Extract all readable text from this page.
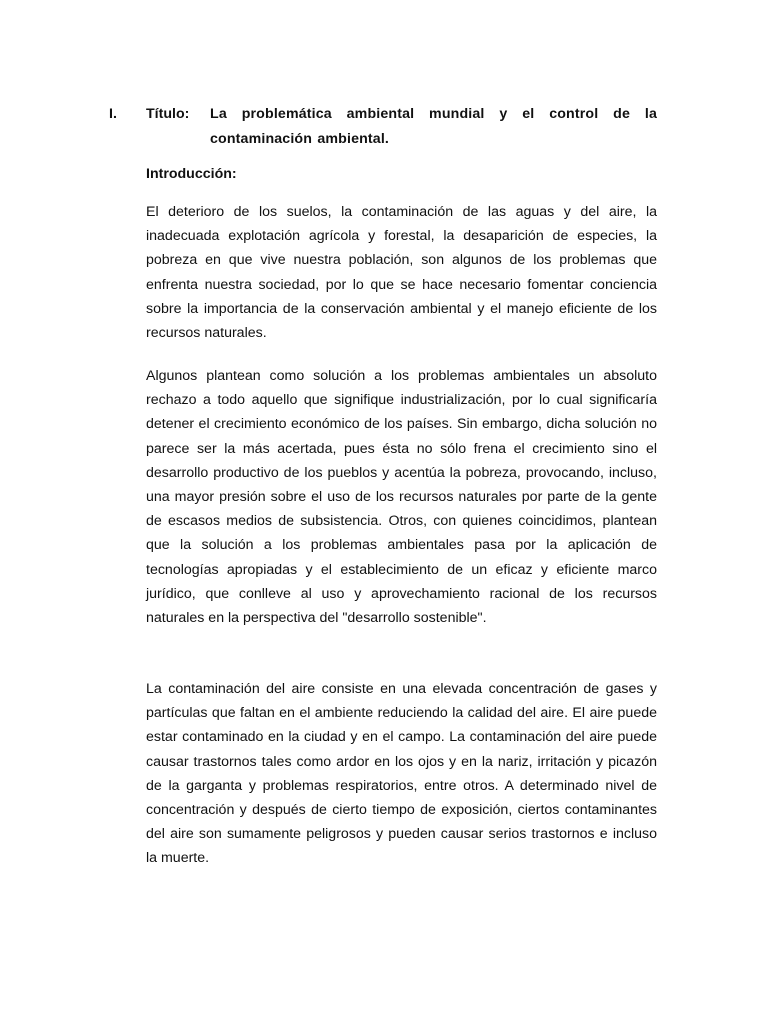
I. Título: La problemática ambiental mundial y el control de la contaminación ambiental.
Introducción:

El deterioro de los suelos, la contaminación de las aguas y del aire, la inadecuada explotación agrícola y forestal, la desaparición de especies, la pobreza en que vive nuestra población, son algunos de los problemas que enfrenta nuestra sociedad, por lo que se hace necesario fomentar conciencia sobre la importancia de la conservación ambiental y el manejo eficiente de los recursos naturales.

Algunos plantean como solución a los problemas ambientales un absoluto rechazo a todo aquello que signifique industrialización, por lo cual significaría detener el crecimiento económico de los países. Sin embargo, dicha solución no parece ser la más acertada, pues ésta no sólo frena el crecimiento sino el desarrollo productivo de los pueblos y acentúa la pobreza, provocando, incluso, una mayor presión sobre el uso de los recursos naturales por parte de la gente de escasos medios de subsistencia. Otros, con quienes coincidimos, plantean que la solución a los problemas ambientales pasa por la aplicación de tecnologías apropiadas y el establecimiento de un eficaz y eficiente marco jurídico, que conlleve al uso y aprovechamiento racional de los recursos naturales en la perspectiva del "desarrollo sostenible".

La contaminación del aire consiste en una elevada concentración de gases y partículas que faltan en el ambiente reduciendo la calidad del aire. El aire puede estar contaminado en la ciudad y en el campo. La contaminación del aire puede causar trastornos tales como ardor en los ojos y en la nariz, irritación y picazón de la garganta y problemas respiratorios, entre otros. A determinado nivel de concentración y después de cierto tiempo de exposición, ciertos contaminantes del aire son sumamente peligrosos y pueden causar serios trastornos e incluso la muerte.
